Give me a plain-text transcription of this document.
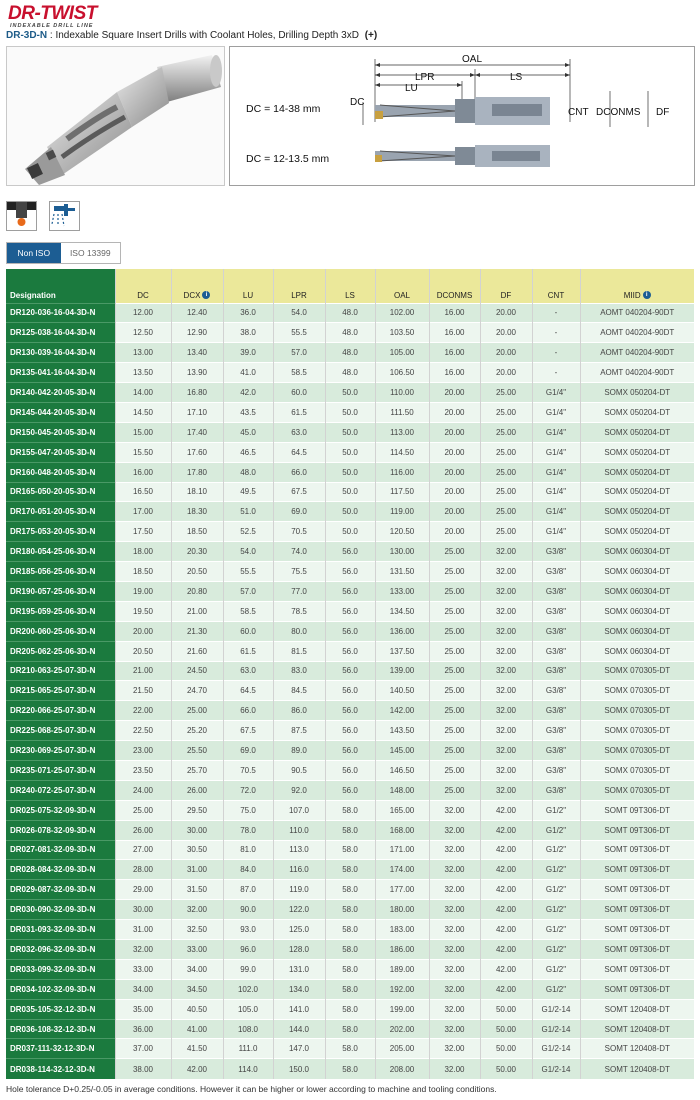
DR-TWIST
INDEXABLE DRILL LINE
DR-3D-N : Indexable Square Insert Drills with Coolant Holes, Drilling Depth 3xD (+)
DC = 14-38 mm
DC = 12-13.5 mm
OAL
LPR	LS
LU
DC
CNT DCONMS DF
Non ISO	ISO 13399
Designation	DC	DCX i	LU	LPR	LS	OAL	DCONMS	DF	CNT	MIID i
DR120-036-16-04-3D-N	12.00	12.40	36.0	54.0	48.0	102.00	16.00	20.00	-	AOMT 040204-90DT
DR125-038-16-04-3D-N	12.50	12.90	38.0	55.5	48.0	103.50	16.00	20.00	-	AOMT 040204-90DT
DR130-039-16-04-3D-N	13.00	13.40	39.0	57.0	48.0	105.00	16.00	20.00	-	AOMT 040204-90DT
DR135-041-16-04-3D-N	13.50	13.90	41.0	58.5	48.0	106.50	16.00	20.00	-	AOMT 040204-90DT
DR140-042-20-05-3D-N	14.00	16.80	42.0	60.0	50.0	110.00	20.00	25.00	G1/4"	SOMX 050204-DT
DR145-044-20-05-3D-N	14.50	17.10	43.5	61.5	50.0	111.50	20.00	25.00	G1/4"	SOMX 050204-DT
DR150-045-20-05-3D-N	15.00	17.40	45.0	63.0	50.0	113.00	20.00	25.00	G1/4"	SOMX 050204-DT
DR155-047-20-05-3D-N	15.50	17.60	46.5	64.5	50.0	114.50	20.00	25.00	G1/4"	SOMX 050204-DT
DR160-048-20-05-3D-N	16.00	17.80	48.0	66.0	50.0	116.00	20.00	25.00	G1/4"	SOMX 050204-DT
DR165-050-20-05-3D-N	16.50	18.10	49.5	67.5	50.0	117.50	20.00	25.00	G1/4"	SOMX 050204-DT
DR170-051-20-05-3D-N	17.00	18.30	51.0	69.0	50.0	119.00	20.00	25.00	G1/4"	SOMX 050204-DT
DR175-053-20-05-3D-N	17.50	18.50	52.5	70.5	50.0	120.50	20.00	25.00	G1/4"	SOMX 050204-DT
DR180-054-25-06-3D-N	18.00	20.30	54.0	74.0	56.0	130.00	25.00	32.00	G3/8"	SOMX 060304-DT
DR185-056-25-06-3D-N	18.50	20.50	55.5	75.5	56.0	131.50	25.00	32.00	G3/8"	SOMX 060304-DT
DR190-057-25-06-3D-N	19.00	20.80	57.0	77.0	56.0	133.00	25.00	32.00	G3/8"	SOMX 060304-DT
DR195-059-25-06-3D-N	19.50	21.00	58.5	78.5	56.0	134.50	25.00	32.00	G3/8"	SOMX 060304-DT
DR200-060-25-06-3D-N	20.00	21.30	60.0	80.0	56.0	136.00	25.00	32.00	G3/8"	SOMX 060304-DT
DR205-062-25-06-3D-N	20.50	21.60	61.5	81.5	56.0	137.50	25.00	32.00	G3/8"	SOMX 060304-DT
DR210-063-25-07-3D-N	21.00	24.50	63.0	83.0	56.0	139.00	25.00	32.00	G3/8"	SOMX 070305-DT
DR215-065-25-07-3D-N	21.50	24.70	64.5	84.5	56.0	140.50	25.00	32.00	G3/8"	SOMX 070305-DT
DR220-066-25-07-3D-N	22.00	25.00	66.0	86.0	56.0	142.00	25.00	32.00	G3/8"	SOMX 070305-DT
DR225-068-25-07-3D-N	22.50	25.20	67.5	87.5	56.0	143.50	25.00	32.00	G3/8"	SOMX 070305-DT
DR230-069-25-07-3D-N	23.00	25.50	69.0	89.0	56.0	145.00	25.00	32.00	G3/8"	SOMX 070305-DT
DR235-071-25-07-3D-N	23.50	25.70	70.5	90.5	56.0	146.50	25.00	32.00	G3/8"	SOMX 070305-DT
DR240-072-25-07-3D-N	24.00	26.00	72.0	92.0	56.0	148.00	25.00	32.00	G3/8"	SOMX 070305-DT
DR025-075-32-09-3D-N	25.00	29.50	75.0	107.0	58.0	165.00	32.00	42.00	G1/2"	SOMT 09T306-DT
DR026-078-32-09-3D-N	26.00	30.00	78.0	110.0	58.0	168.00	32.00	42.00	G1/2"	SOMT 09T306-DT
DR027-081-32-09-3D-N	27.00	30.50	81.0	113.0	58.0	171.00	32.00	42.00	G1/2"	SOMT 09T306-DT
DR028-084-32-09-3D-N	28.00	31.00	84.0	116.0	58.0	174.00	32.00	42.00	G1/2"	SOMT 09T306-DT
DR029-087-32-09-3D-N	29.00	31.50	87.0	119.0	58.0	177.00	32.00	42.00	G1/2"	SOMT 09T306-DT
DR030-090-32-09-3D-N	30.00	32.00	90.0	122.0	58.0	180.00	32.00	42.00	G1/2"	SOMT 09T306-DT
DR031-093-32-09-3D-N	31.00	32.50	93.0	125.0	58.0	183.00	32.00	42.00	G1/2"	SOMT 09T306-DT
DR032-096-32-09-3D-N	32.00	33.00	96.0	128.0	58.0	186.00	32.00	42.00	G1/2"	SOMT 09T306-DT
DR033-099-32-09-3D-N	33.00	34.00	99.0	131.0	58.0	189.00	32.00	42.00	G1/2"	SOMT 09T306-DT
DR034-102-32-09-3D-N	34.00	34.50	102.0	134.0	58.0	192.00	32.00	42.00	G1/2"	SOMT 09T306-DT
DR035-105-32-12-3D-N	35.00	40.50	105.0	141.0	58.0	199.00	32.00	50.00	G1/2-14	SOMT 120408-DT
DR036-108-32-12-3D-N	36.00	41.00	108.0	144.0	58.0	202.00	32.00	50.00	G1/2-14	SOMT 120408-DT
DR037-111-32-12-3D-N	37.00	41.50	111.0	147.0	58.0	205.00	32.00	50.00	G1/2-14	SOMT 120408-DT
DR038-114-32-12-3D-N	38.00	42.00	114.0	150.0	58.0	208.00	32.00	50.00	G1/2-14	SOMT 120408-DT
Hole tolerance D+0.25/-0.05 in average conditions. However it can be higher or lower according to machine and tooling conditions.
